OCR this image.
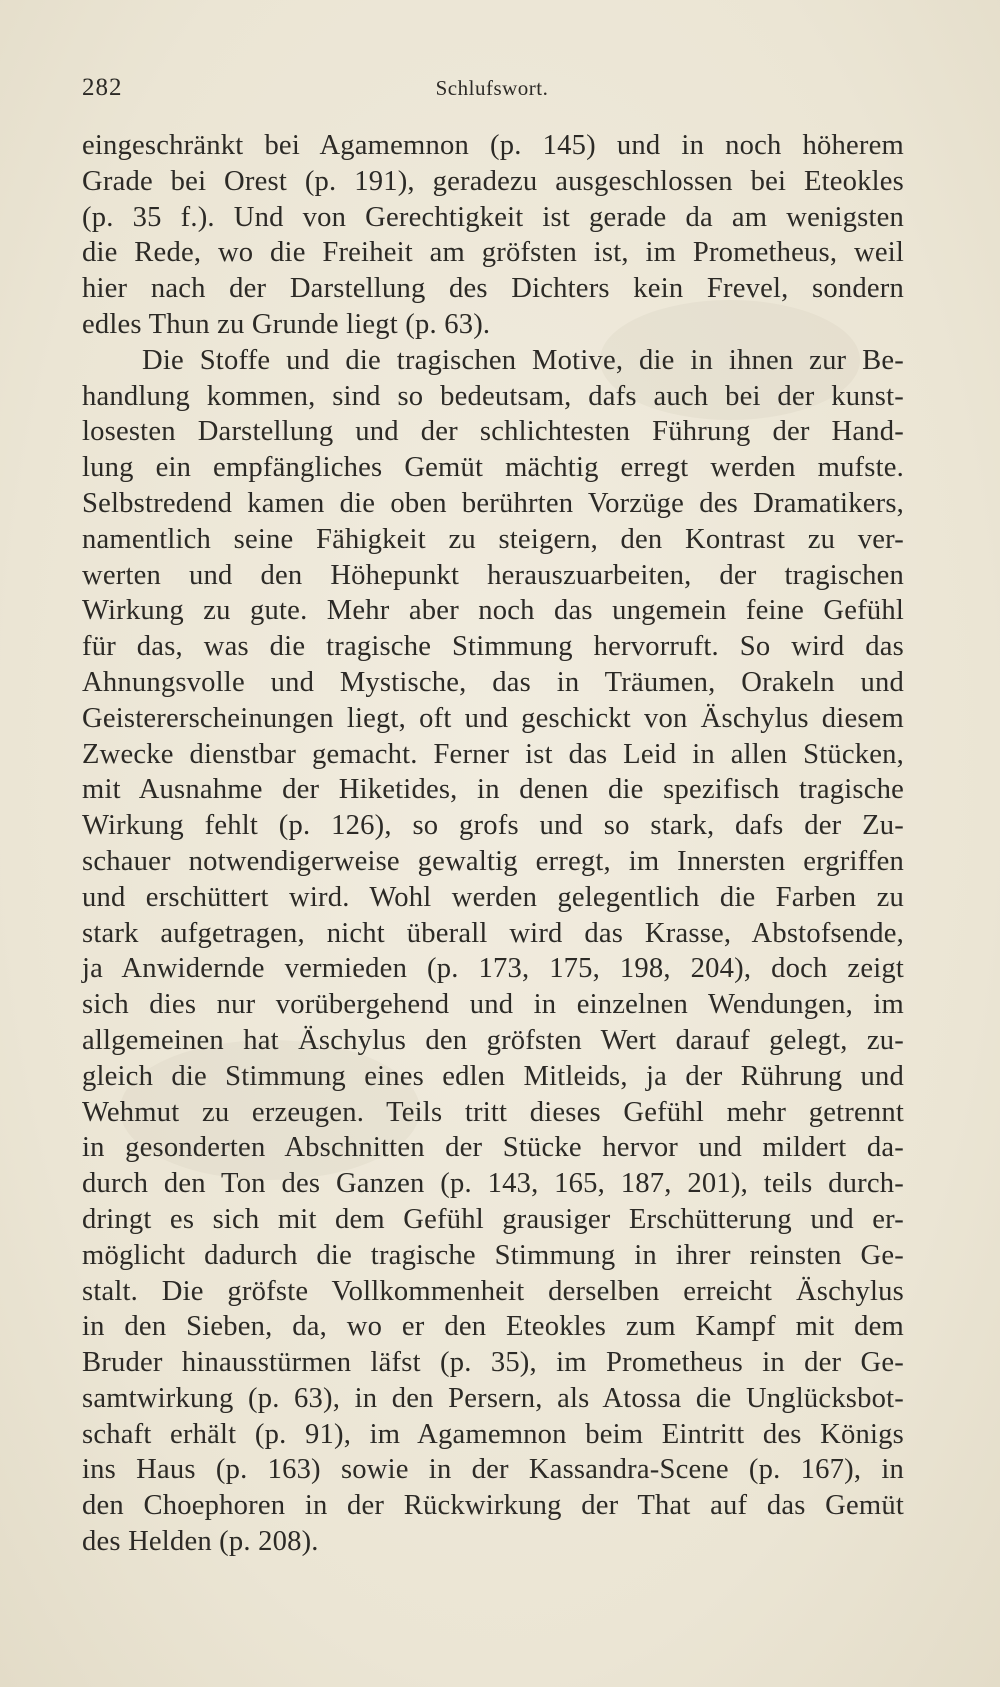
282	Schlufswort.
eingeschränkt bei Agamemnon (p. 145) und in noch höherem
Grade bei Orest (p. 191), geradezu ausgeschlossen bei Eteokles
(p. 35 f.). Und von Gerechtigkeit ist gerade da am wenigsten
die Rede, wo die Freiheit am gröfsten ist, im Prometheus, weil
hier nach der Darstellung des Dichters kein Frevel, sondern
edles Thun zu Grunde liegt (p. 63).
Die Stoffe und die tragischen Motive, die in ihnen zur Be-
handlung kommen, sind so bedeutsam, dafs auch bei der kunst-
losesten Darstellung und der schlichtesten Führung der Hand-
lung ein empfängliches Gemüt mächtig erregt werden mufste.
Selbstredend kamen die oben berührten Vorzüge des Dramatikers,
namentlich seine Fähigkeit zu steigern, den Kontrast zu ver-
werten und den Höhepunkt herauszuarbeiten, der tragischen
Wirkung zu gute. Mehr aber noch das ungemein feine Gefühl
für das, was die tragische Stimmung hervorruft. So wird das
Ahnungsvolle und Mystische, das in Träumen, Orakeln und
Geistererscheinungen liegt, oft und geschickt von Äschylus diesem
Zwecke dienstbar gemacht. Ferner ist das Leid in allen Stücken,
mit Ausnahme der Hiketides, in denen die spezifisch tragische
Wirkung fehlt (p. 126), so grofs und so stark, dafs der Zu-
schauer notwendigerweise gewaltig erregt, im Innersten ergriffen
und erschüttert wird. Wohl werden gelegentlich die Farben zu
stark aufgetragen, nicht überall wird das Krasse, Abstofsende,
ja Anwidernde vermieden (p. 173, 175, 198, 204), doch zeigt
sich dies nur vorübergehend und in einzelnen Wendungen, im
allgemeinen hat Äschylus den gröfsten Wert darauf gelegt, zu-
gleich die Stimmung eines edlen Mitleids, ja der Rührung und
Wehmut zu erzeugen. Teils tritt dieses Gefühl mehr getrennt
in gesonderten Abschnitten der Stücke hervor und mildert da-
durch den Ton des Ganzen (p. 143, 165, 187, 201), teils durch-
dringt es sich mit dem Gefühl grausiger Erschütterung und er-
möglicht dadurch die tragische Stimmung in ihrer reinsten Ge-
stalt. Die gröfste Vollkommenheit derselben erreicht Äschylus
in den Sieben, da, wo er den Eteokles zum Kampf mit dem
Bruder hinausstürmen läfst (p. 35), im Prometheus in der Ge-
samtwirkung (p. 63), in den Persern, als Atossa die Unglücksbot-
schaft erhält (p. 91), im Agamemnon beim Eintritt des Königs
ins Haus (p. 163) sowie in der Kassandra-Scene (p. 167), in
den Choephoren in der Rückwirkung der That auf das Gemüt
des Helden (p. 208).
